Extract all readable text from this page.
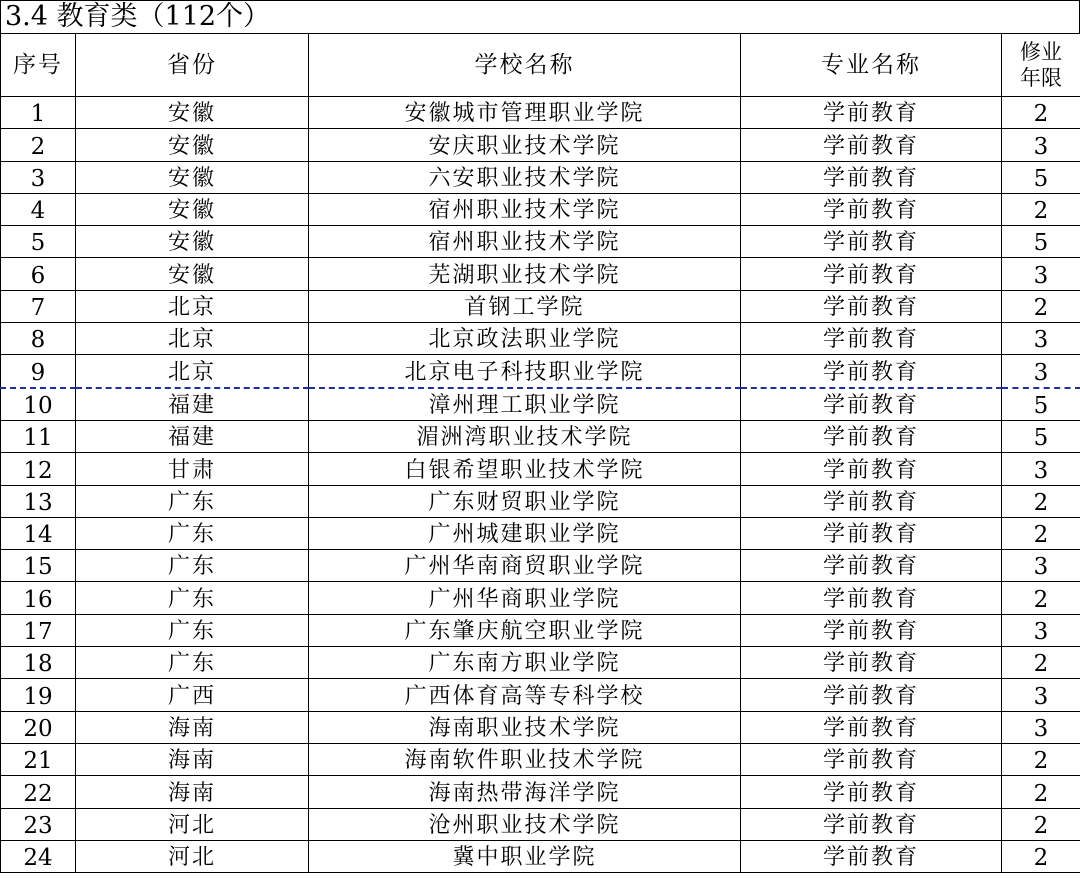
3.4 教育类（112个）
序号	省份	学校名称	专业名称	修业
年限

1	安徽	安徽城市管理职业学院	学前教育	2
2	安徽	安庆职业技术学院	学前教育	3
3	安徽	六安职业技术学院	学前教育	5
4	安徽	宿州职业技术学院	学前教育	2
5	安徽	宿州职业技术学院	学前教育	5
6	安徽	芜湖职业技术学院	学前教育	3
7	北京	首钢工学院	学前教育	2
8	北京	北京政法职业学院	学前教育	3
9	北京	北京电子科技职业学院	学前教育	3
10	福建	漳州理工职业学院	学前教育	5
11	福建	湄洲湾职业技术学院	学前教育	5
12	甘肃	白银希望职业技术学院	学前教育	3
13	广东	广东财贸职业学院	学前教育	2
14	广东	广州城建职业学院	学前教育	2
15	广东	广州华南商贸职业学院	学前教育	3
16	广东	广州华商职业学院	学前教育	2
17	广东	广东肇庆航空职业学院	学前教育	3
18	广东	广东南方职业学院	学前教育	2
19	广西	广西体育高等专科学校	学前教育	3
20	海南	海南职业技术学院	学前教育	3
21	海南	海南软件职业技术学院	学前教育	2
22	海南	海南热带海洋学院	学前教育	2
23	河北	沧州职业技术学院	学前教育	2
24	河北	冀中职业学院	学前教育	2
